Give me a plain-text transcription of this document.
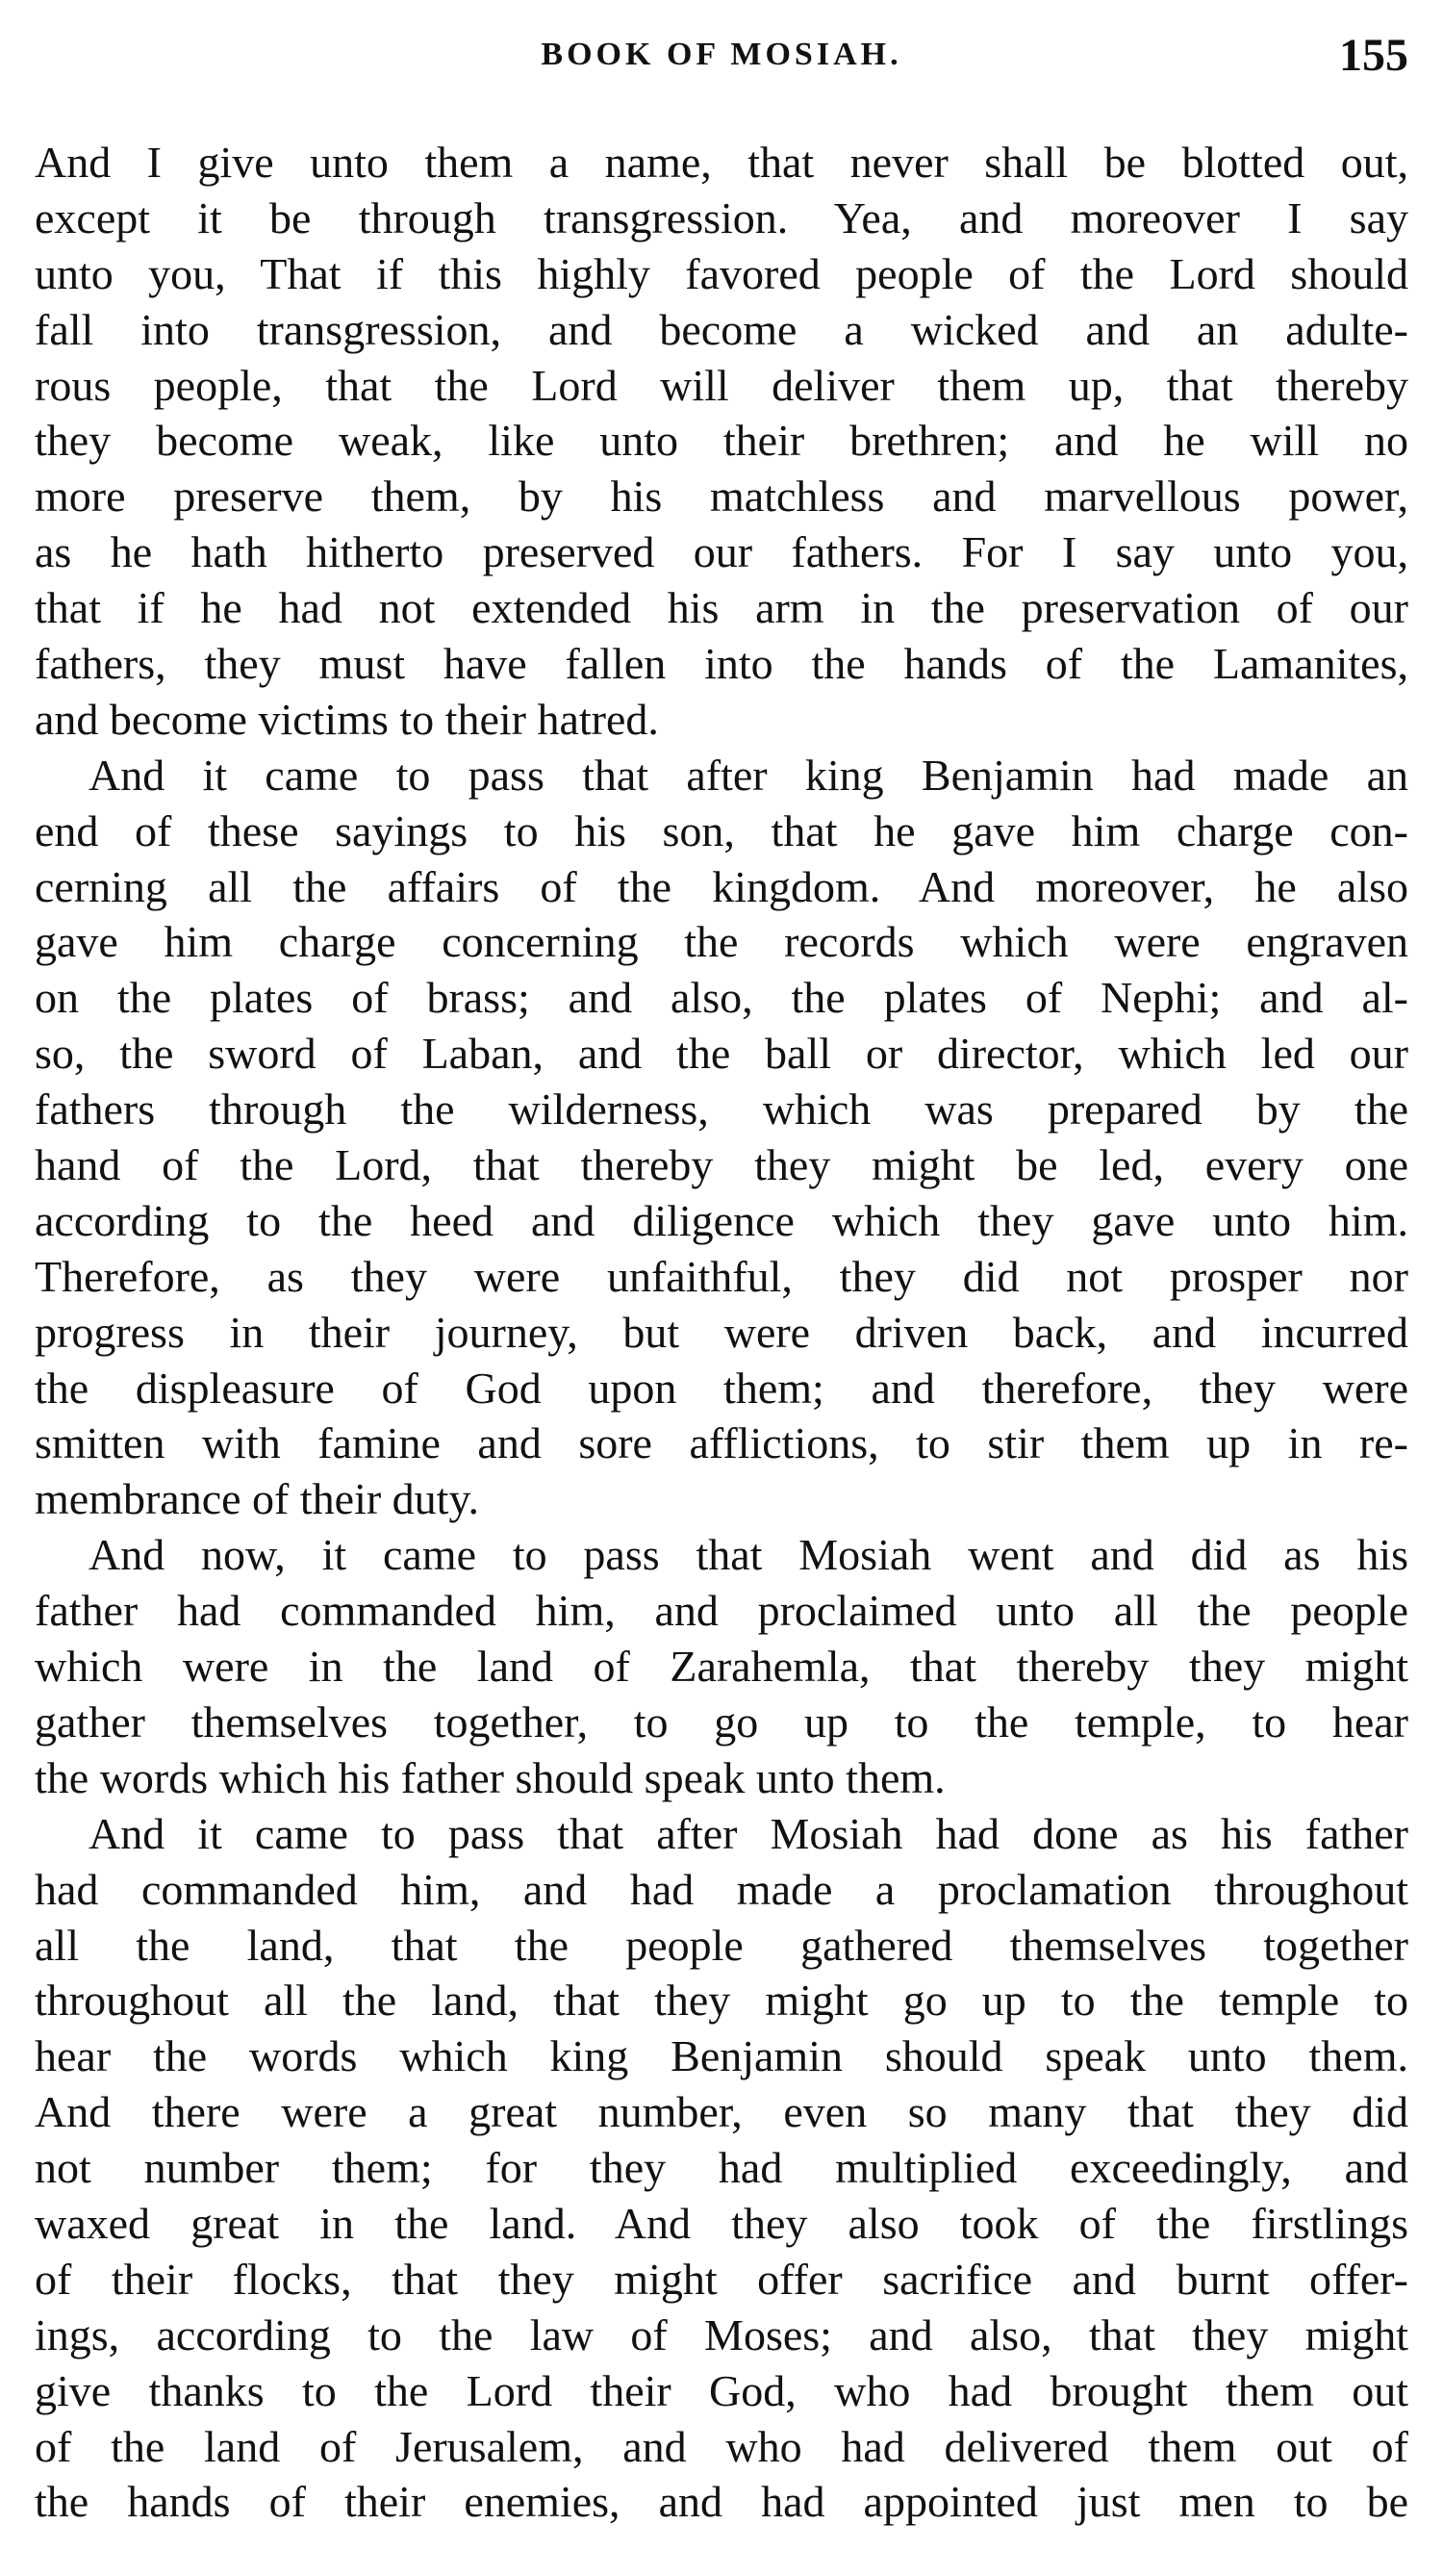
BOOK OF MOSIAH.	155
And I give unto them a name, that never shall be blotted out,
except it be through transgression. Yea, and moreover I say
unto you, That if this highly favored people of the Lord should
fall into transgression, and become a wicked and an adulte-
rous people, that the Lord will deliver them up, that thereby
they become weak, like unto their brethren; and he will no
more preserve them, by his matchless and marvellous power,
as he hath hitherto preserved our fathers. For I say unto you,
that if he had not extended his arm in the preservation of our
fathers, they must have fallen into the hands of the Lamanites,
and become victims to their hatred.
And it came to pass that after king Benjamin had made an
end of these sayings to his son, that he gave him charge con-
cerning all the affairs of the kingdom. And moreover, he also
gave him charge concerning the records which were engraven
on the plates of brass; and also, the plates of Nephi; and al-
so, the sword of Laban, and the ball or director, which led our
fathers through the wilderness, which was prepared by the
hand of the Lord, that thereby they might be led, every one
according to the heed and diligence which they gave unto him.
Therefore, as they were unfaithful, they did not prosper nor
progress in their journey, but were driven back, and incurred
the displeasure of God upon them; and therefore, they were
smitten with famine and sore afflictions, to stir them up in re-
membrance of their duty.
And now, it came to pass that Mosiah went and did as his
father had commanded him, and proclaimed unto all the people
which were in the land of Zarahemla, that thereby they might
gather themselves together, to go up to the temple, to hear
the words which his father should speak unto them.
And it came to pass that after Mosiah had done as his father
had commanded him, and had made a proclamation throughout
all the land, that the people gathered themselves together
throughout all the land, that they might go up to the temple to
hear the words which king Benjamin should speak unto them.
And there were a great number, even so many that they did
not number them; for they had multiplied exceedingly, and
waxed great in the land. And they also took of the firstlings
of their flocks, that they might offer sacrifice and burnt offer-
ings, according to the law of Moses; and also, that they might
give thanks to the Lord their God, who had brought them out
of the land of Jerusalem, and who had delivered them out of
the hands of their enemies, and had appointed just men to be
